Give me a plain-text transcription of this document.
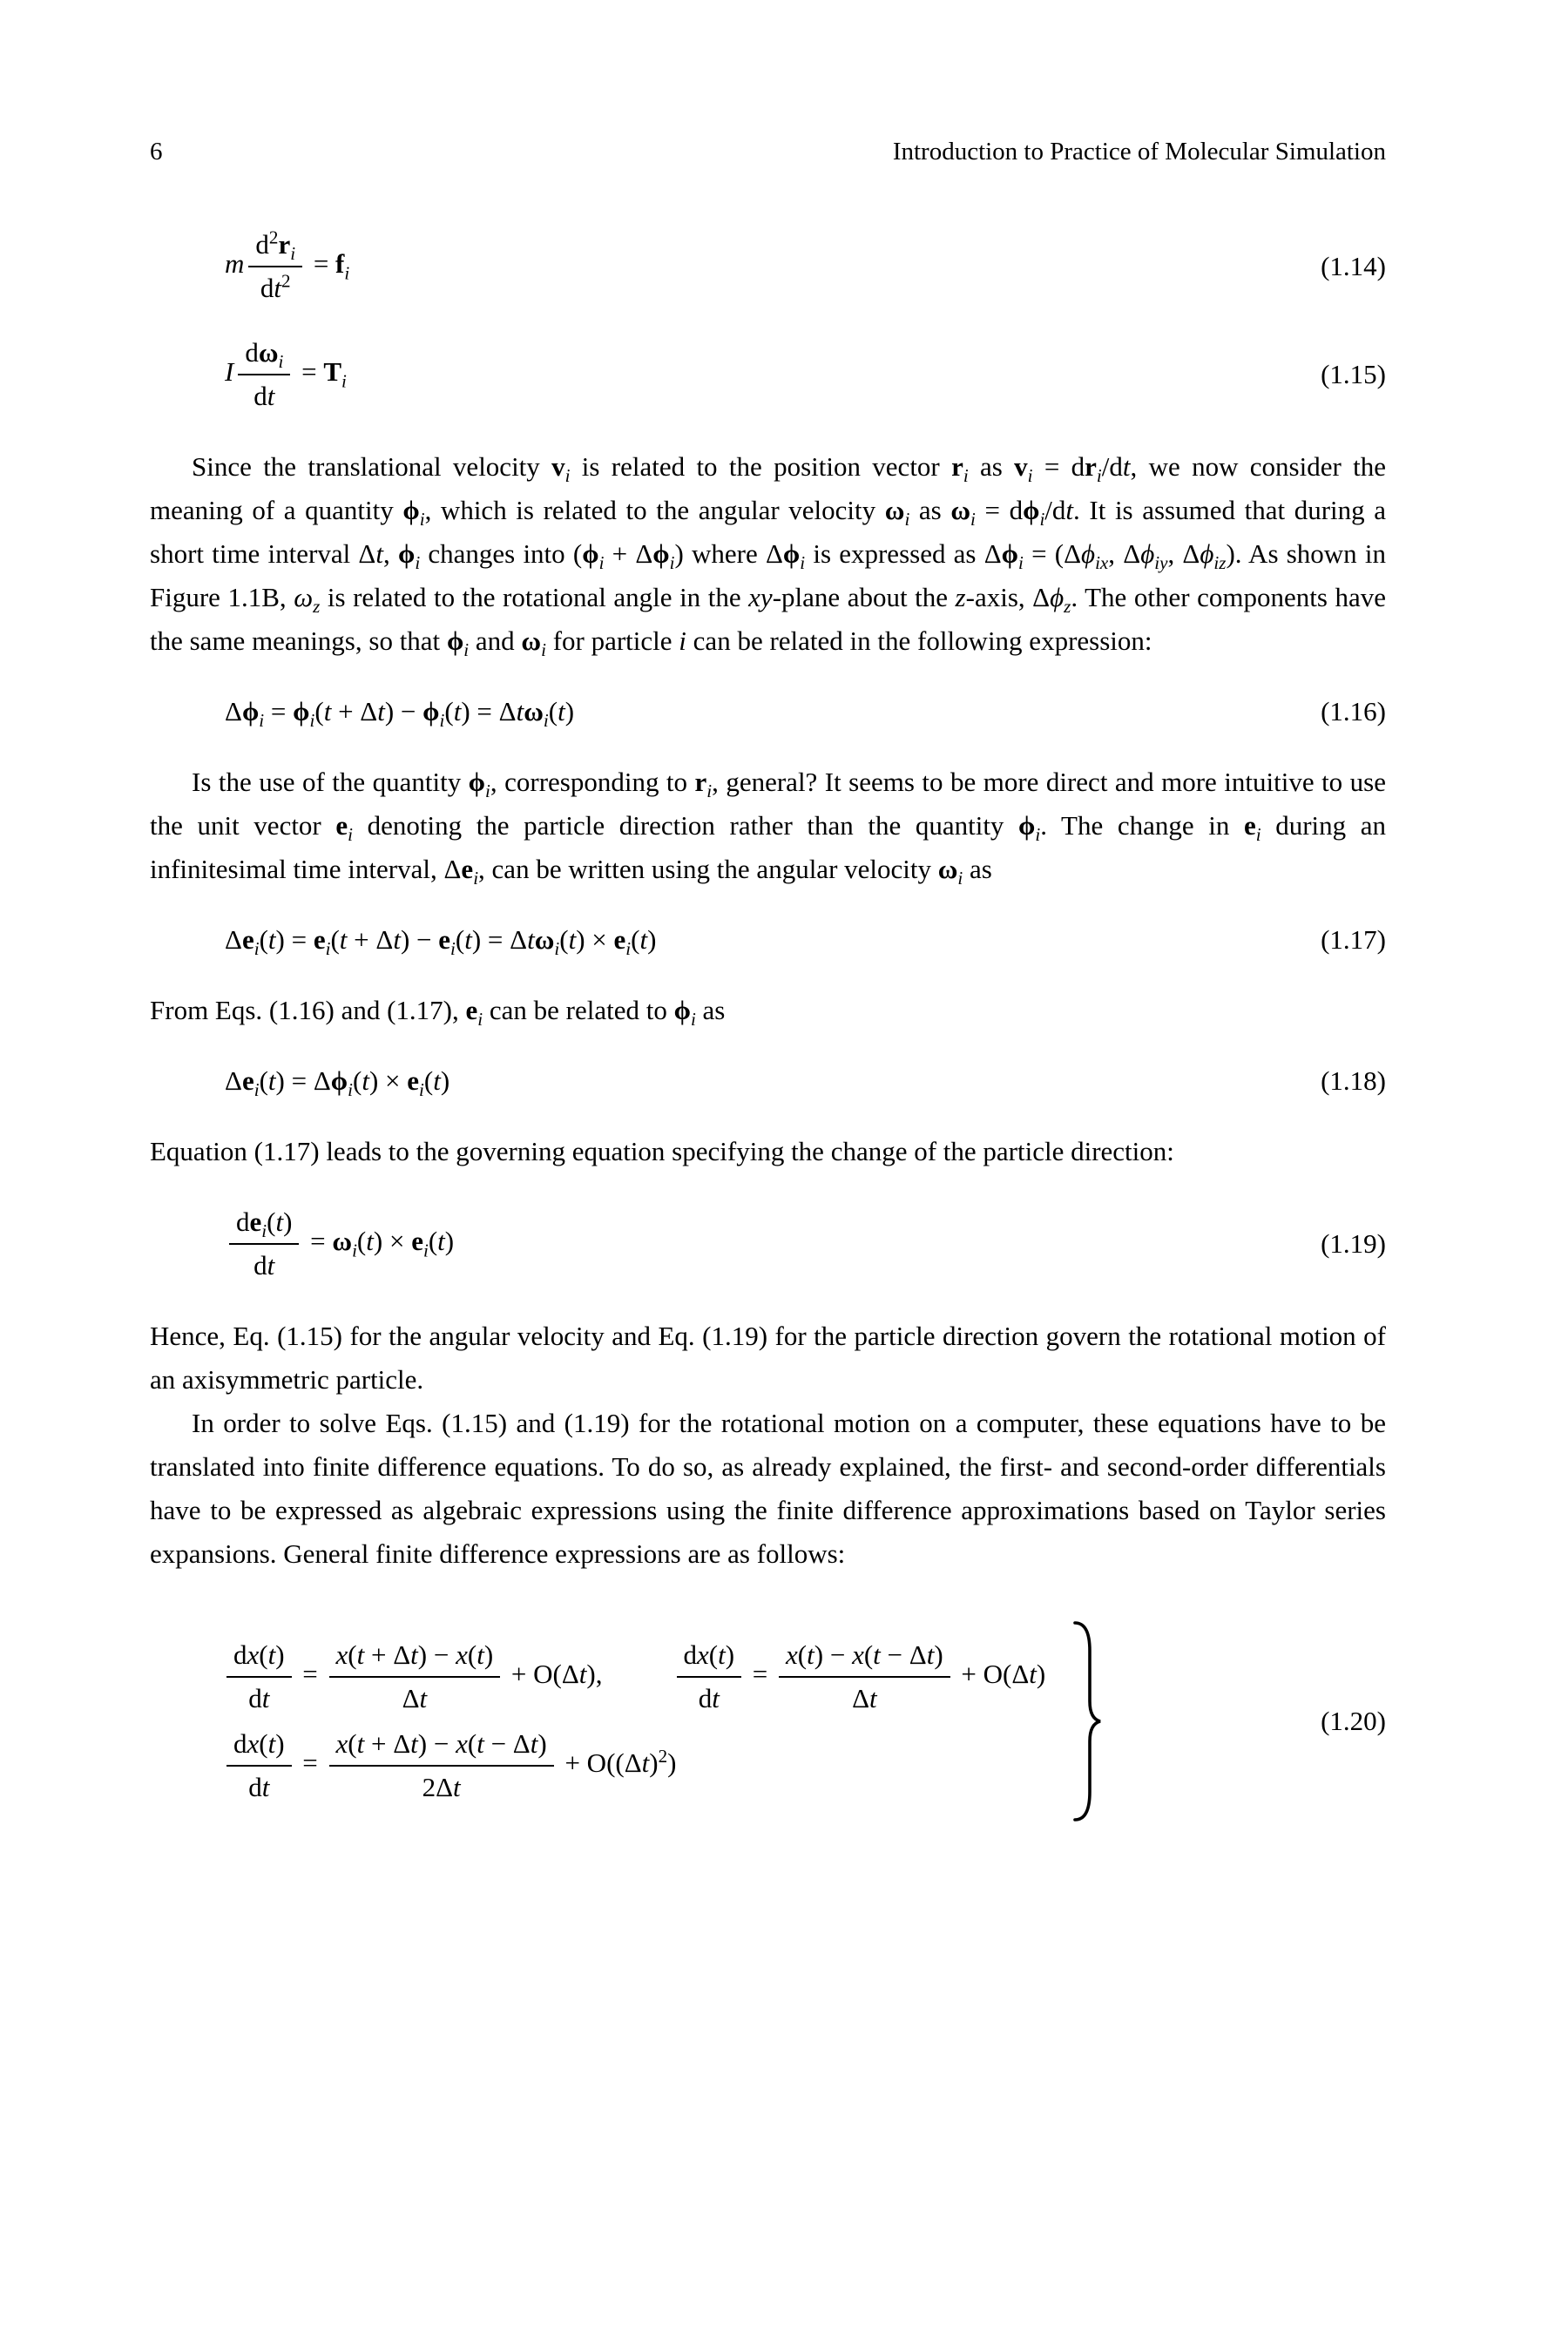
6	Introduction to Practice of Molecular Simulation
m $\frac{d^2r_i}{dt^2} = f_i$	(1.14)
I $\frac{d\omega_i}{dt} = T_i$	(1.15)

Since the translational velocity $v_i$ is related to the position vector $r_i$ as $v_i = dr_i/dt$, we now consider the meaning of a quantity $\phi_i$, which is related to the angular velocity $\omega_i$ as $\omega_i = d\phi_i/dt$. It is assumed that during a short time interval Δt, $\phi_i$ changes into $(\phi_i + \Delta\phi_i)$ where $\Delta\phi_i$ is expressed as $\Delta\phi_i = (\Delta\phi_{ix}$, $\Delta\phi_{iy}$, $\Delta\phi_{iz}$). As shown in Figure 1.1B, $\omega_z$ is related to the rotational angle in the xy-plane about the z-axis, $\Delta\phi_z$. The other components have the same meanings, so that $\phi_i$ and $\omega_i$ for particle i can be related in the following expression:

$\Delta\phi_i = \phi_i(t + \Delta t) - \phi_i(t) = \Delta t\omega_i(t)$	(1.16)

Is the use of the quantity $\phi_i$, corresponding to $r_i$, general? It seems to be more direct and more intuitive to use the unit vector $e_i$ denoting the particle direction rather than the quantity $\phi_i$. The change in $e_i$ during an infinitesimal time interval, $\Delta e_i$, can be written using the angular velocity $\omega_i$ as

$\Delta e_i(t) = e_i(t + \Delta t) - e_i(t) = \Delta t\omega_i(t) \times e_i(t)$	(1.17)

From Eqs. (1.16) and (1.17), $e_i$ can be related to $\phi_i$ as

$\Delta e_i(t) = \Delta\phi_i(t) \times e_i(t)$	(1.18)

Equation (1.17) leads to the governing equation specifying the change of the particle direction:

$\frac{de_i(t)}{dt} = \omega_i(t) \times e_i(t)$	(1.19)

Hence, Eq. (1.15) for the angular velocity and Eq. (1.19) for the particle direction govern the rotational motion of an axisymmetric particle.

In order to solve Eqs. (1.15) and (1.19) for the rotational motion on a computer, these equations have to be translated into finite difference equations. To do so, as already explained, the first- and second-order differentials have to be expressed as algebraic expressions using the finite difference approximations based on Taylor series expansions. General finite difference expressions are as follows:

$\frac{dx(t)}{dt} = \frac{x(t + \Delta t) - x(t)}{\Delta t} + O(\Delta t)$,	$\frac{dx(t)}{dt} = \frac{x(t) - x(t - \Delta t)}{\Delta t} + O(\Delta t)$
$\frac{dx(t)}{dt} = \frac{x(t + \Delta t) - x(t - \Delta t)}{2\Delta t} + O((\Delta t)^2)$
(1.20)
